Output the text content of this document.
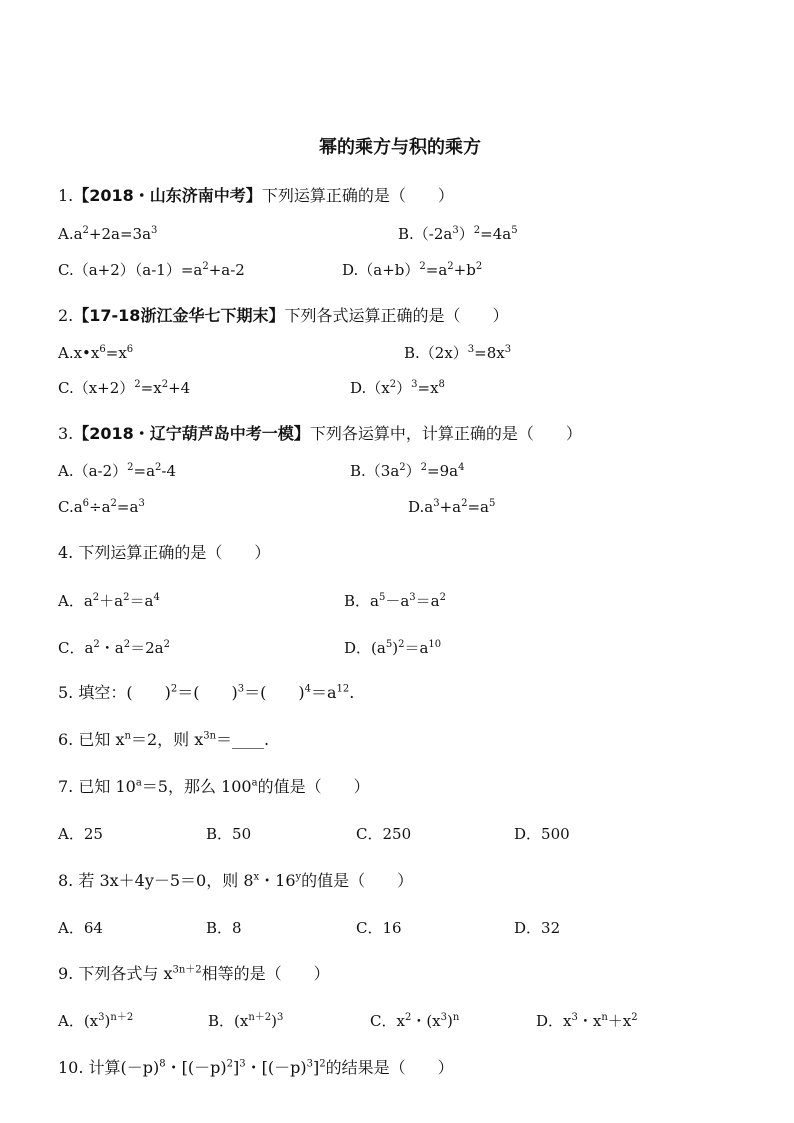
幂的乘方与积的乘方
1.【2018・山东济南中考】下列运算正确的是（　　）
$A.a^2+2a=3a^3$	$B.(-2a^3)^2=4a^5$
$C.(a+2)(a-1)=a^2+a-2$	$D.(a+b)^2=a^2+b^2$
2.【17-18浙江金华七下期末】下列各式运算正确的是（　　）
$A.x•x^6=x^6$	$B.(2x)^3=8x^3$
$C.(x+2)^2=x^2+4$	$D.(x^2)^3=x^8$
3.【2018・辽宁葫芦岛中考一模】下列各运算中，计算正确的是（　　）
$A.(a-2)^2=a^2-4$	$B.(3a^2)^2=9a^4$
$C.a^6\div a^2=a^3$	$D.a^3+a^2=a^5$
4. 下列运算正确的是（　　）
A．$a^2+a^2=a^4$	B．$a^5-a^3=a^2$
C．$a^2$・$a^2=2a^2$	D．$(a^5)^2=a^{10}$
5. 填空：(　　)$^2$＝(　　)$^3$＝(　　)$^4=a^{12}$.
6. 已知 $x^n=2$，则 $x^{3n}=\_\_\_\_$.
7. 已知 $10^a=5$，那么 100$^a$的值是（　　）
A．25	B．50	C．250	D．500
8. 若 3x＋4y－5＝0，则 8$^x$・16$^y$的值是（　　）
A．64	B．8	C．16	D．32
9. 下列各式与 $x^{3n+2}$相等的是（　　）
A．$(x^3)^{n+2}$	B．$(x^{n+2})^3$	C．$x^2$・$(x^3)^n$	D．$x^3$・$x^n+x^2$
10. 计算$(-p)^8$・$[(-p)^2]^3$・$[(-p)^3]^2$的结果是（　　）
